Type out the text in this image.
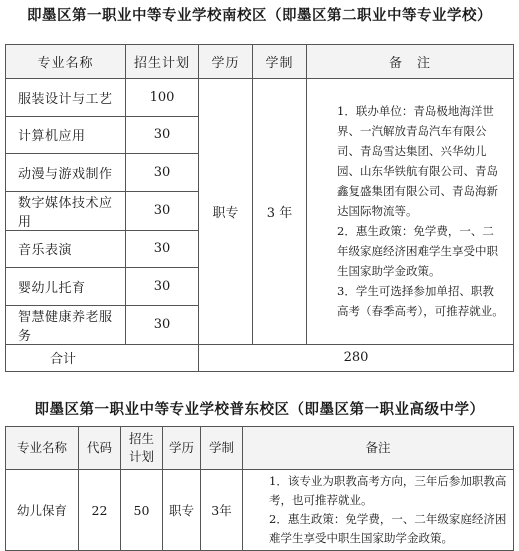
即墨区第一职业中等专业学校南校区（即墨区第二职业中等专业学校）
专业名称	招生计划	学历	学制	备　注
服装设计与工艺	100	职专	3 年	1．联办单位：青岛极地海洋世界、一汽解放青岛汽车有限公司、青岛雪达集团、兴华幼儿园、山东华铁航有限公司、青岛鑫复盛集团有限公司、青岛海新达国际物流等。
2．惠生政策：免学费，一、二年级家庭经济困难学生享受中职生国家助学金政策。
3．学生可选择参加单招、职教高考（春季高考），可推荐就业。

计算机应用	30			
动漫与游戏制作	30			
数字媒体技术应用	30			
音乐表演	30			
婴幼儿托育	30			
智慧健康养老服务	30			
合计		280		
即墨区第一职业中等专业学校普东校区（即墨区第一职业高级中学）
专业名称	代码	招生计划	学历	学制	备注
幼儿保育	22	50	职专	3年	1．该专业为职教高考方向，三年后参加职教高考，也可推荐就业。
2．惠生政策：免学费，一、二年级家庭经济困难学生享受中职生国家助学金政策。
